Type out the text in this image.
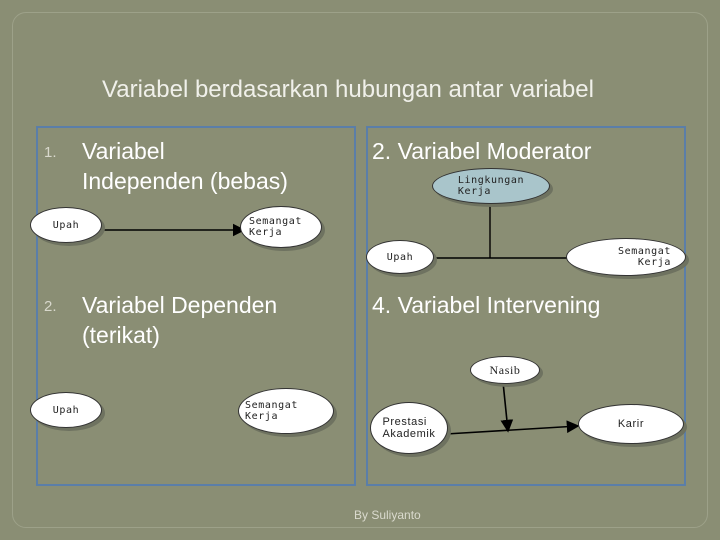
Variabel berdasarkan hubungan antar variabel
1. Variabel
Independen (bebas)
2. Variabel Dependen
(terikat)
2. Variabel Moderator
4. Variabel Intervening
Upah	Semangat
Kerja
Upah	Semangat
Kerja
Lingkungan
Kerja
Upah	Semangat
Kerja
Nasib
Prestasi
Akademik
Karir
By Suliyanto
